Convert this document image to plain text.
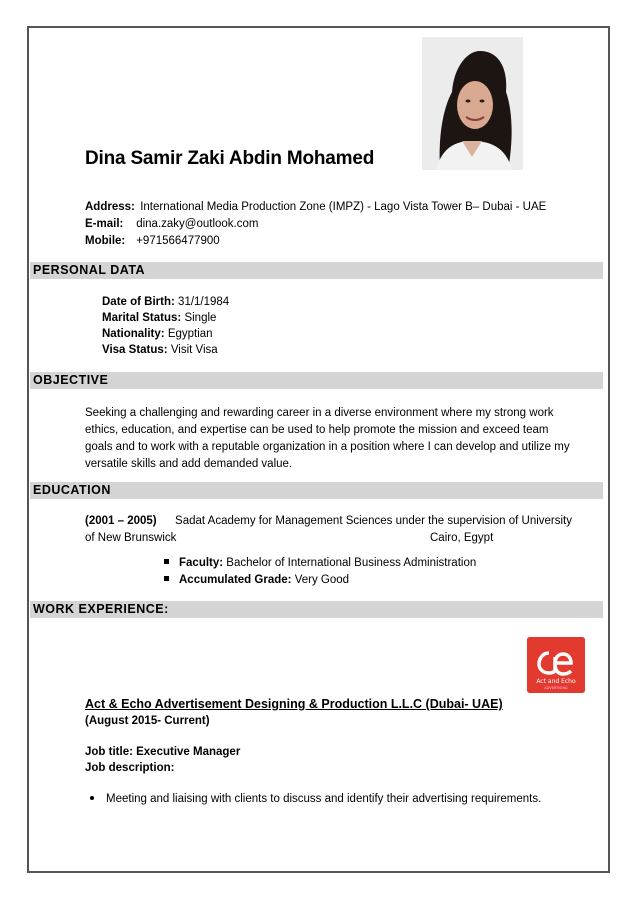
Dina Samir Zaki Abdin Mohamed
Address: International Media Production Zone (IMPZ) - Lago Vista Tower B– Dubai - UAE
E-mail: dina.zaky@outlook.com
Mobile: +971566477900
PERSONAL DATA
Date of Birth: 31/1/1984
Marital Status: Single
Nationality: Egyptian
Visa Status: Visit Visa
OBJECTIVE
Seeking a challenging and rewarding career in a diverse environment where my strong work
ethics, education, and expertise can be used to help promote the mission and exceed team
goals and to work with a reputable organization in a position where I can develop and utilize my
versatile skills and add demanded value.
EDUCATION
(2001 – 2005) Sadat Academy for Management Sciences under the supervision of University
of New Brunswick	Cairo, Egypt
Faculty: Bachelor of International Business Administration
Accumulated Grade: Very Good
WORK EXPERIENCE:
Act and Echo
ADVERTISING
Act & Echo Advertisement Designing & Production L.L.C (Dubai- UAE)
(August 2015- Current)
Job title: Executive Manager
Job description:
Meeting and liaising with clients to discuss and identify their advertising requirements.
